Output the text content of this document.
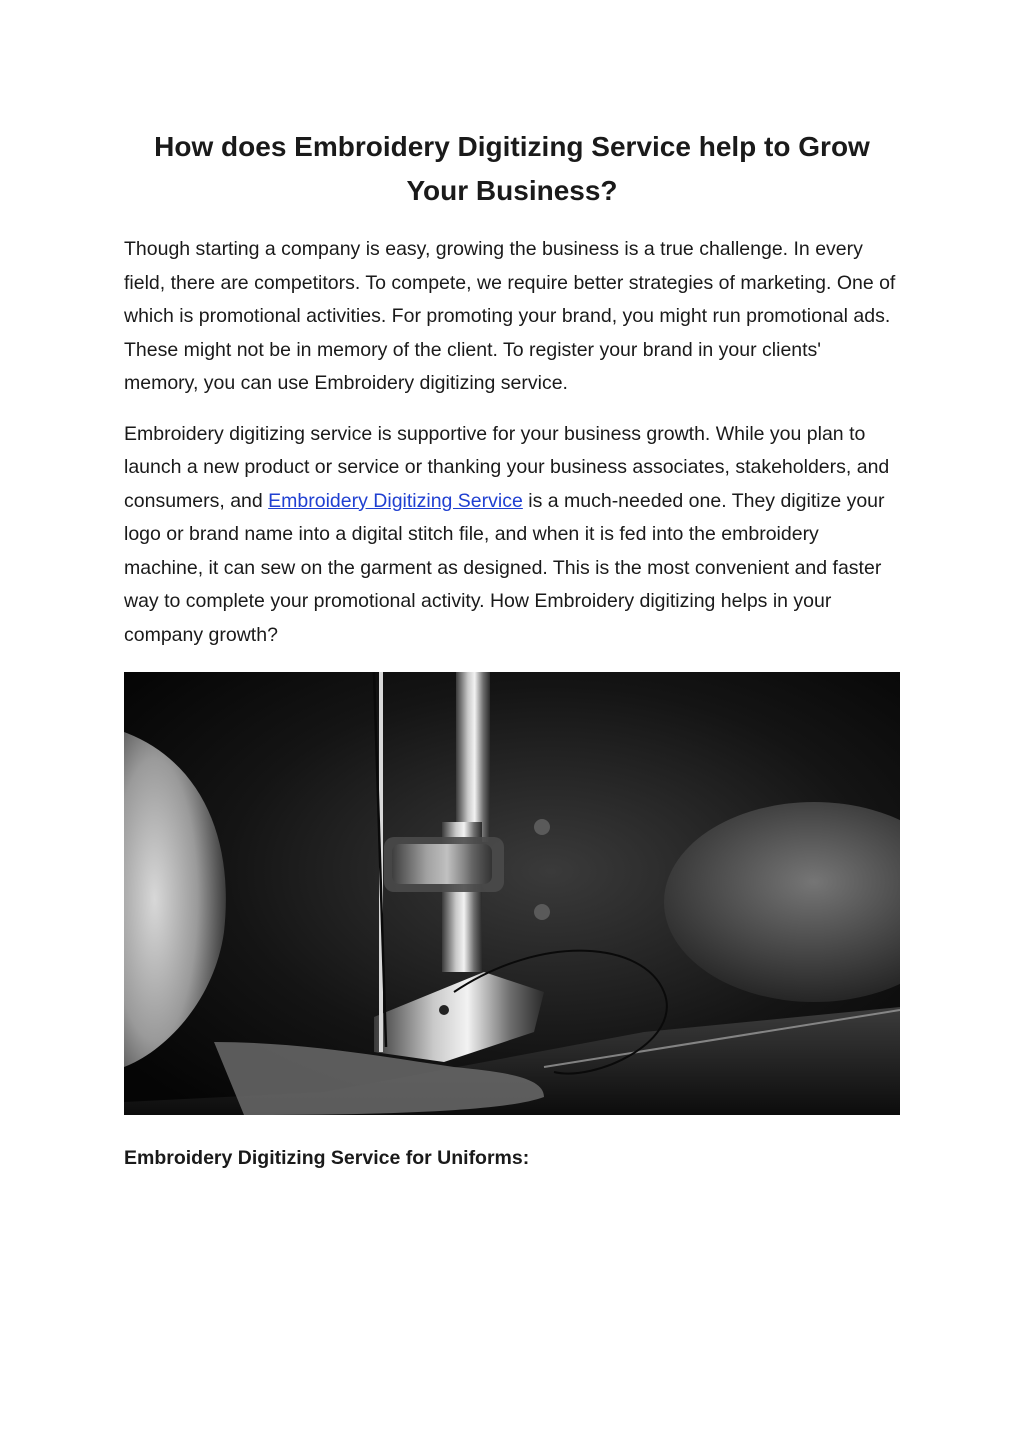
How does Embroidery Digitizing Service help to Grow Your Business?

Though starting a company is easy, growing the business is a true challenge. In every field, there are competitors. To compete, we require better strategies of marketing. One of which is promotional activities. For promoting your brand, you might run promotional ads. These might not be in memory of the client. To register your brand in your clients' memory, you can use Embroidery digitizing service.

Embroidery digitizing service is supportive for your business growth. While you plan to launch a new product or service or thanking your business associates, stakeholders, and consumers, and Embroidery Digitizing Service is a much-needed one. They digitize your logo or brand name into a digital stitch file, and when it is fed into the embroidery machine, it can sew on the garment as designed. This is the most convenient and faster way to complete your promotional activity. How Embroidery digitizing helps in your company growth?

Embroidery Digitizing Service for Uniforms:
